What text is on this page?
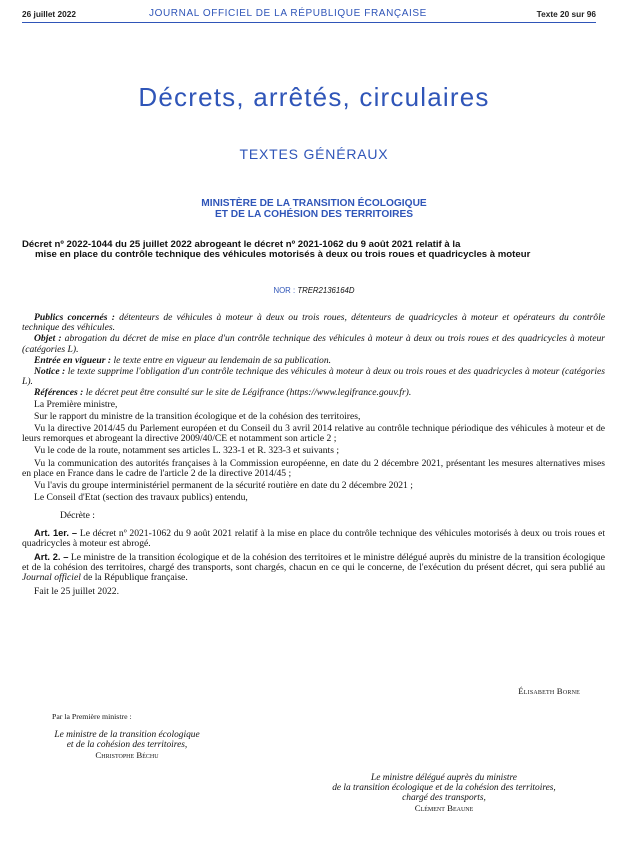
26 juillet 2022	JOURNAL OFFICIEL DE LA RÉPUBLIQUE FRANÇAISE	Texte 20 sur 96
Décrets, arrêtés, circulaires
TEXTES GÉNÉRAUX
MINISTÈRE DE LA TRANSITION ÉCOLOGIQUE
ET DE LA COHÉSION DES TERRITOIRES
Décret nº 2022-1044 du 25 juillet 2022 abrogeant le décret nº 2021-1062 du 9 août 2021 relatif à la
mise en place du contrôle technique des véhicules motorisés à deux ou trois roues et quadricycles à moteur
NOR : TRER2136164D

Publics concernés : détenteurs de véhicules à moteur à deux ou trois roues, détenteurs de quadricycles à moteur et opérateurs du contrôle technique des véhicules.

Objet : abrogation du décret de mise en place d'un contrôle technique des véhicules à moteur à deux ou trois roues et des quadricycles à moteur (catégories L).

Entrée en vigueur : le texte entre en vigueur au lendemain de sa publication.

Notice : le texte supprime l'obligation d'un contrôle technique des véhicules à moteur à deux ou trois roues et des quadricycles à moteur (catégories L).

Références : le décret peut être consulté sur le site de Légifrance (https://www.legifrance.gouv.fr).

La Première ministre,

Sur le rapport du ministre de la transition écologique et de la cohésion des territoires,

Vu la directive 2014/45 du Parlement européen et du Conseil du 3 avril 2014 relative au contrôle technique périodique des véhicules à moteur et de leurs remorques et abrogeant la directive 2009/40/CE et notamment son article 2 ;

Vu le code de la route, notamment ses articles L. 323-1 et R. 323-3 et suivants ;

Vu la communication des autorités françaises à la Commission européenne, en date du 2 décembre 2021, présentant les mesures alternatives mises en place en France dans le cadre de l'article 2 de la directive 2014/45 ;

Vu l'avis du groupe interministériel permanent de la sécurité routière en date du 2 décembre 2021 ;

Le Conseil d'Etat (section des travaux publics) entendu,

Décrète :

Art. 1er. – Le décret nº 2021-1062 du 9 août 2021 relatif à la mise en place du contrôle technique des véhicules motorisés à deux ou trois roues et quadricycles à moteur est abrogé.

Art. 2. – Le ministre de la transition écologique et de la cohésion des territoires et le ministre délégué auprès du ministre de la transition écologique et de la cohésion des territoires, chargé des transports, sont chargés, chacun en ce qui le concerne, de l'exécution du présent décret, qui sera publié au Journal officiel de la République française.

Fait le 25 juillet 2022.

Élisabeth Borne
Par la Première ministre :
Le ministre de la transition écologique
et de la cohésion des territoires,
Christophe Béchu
Le ministre délégué auprès du ministre
de la transition écologique et de la cohésion des territoires,
chargé des transports,
Clément Beaune
